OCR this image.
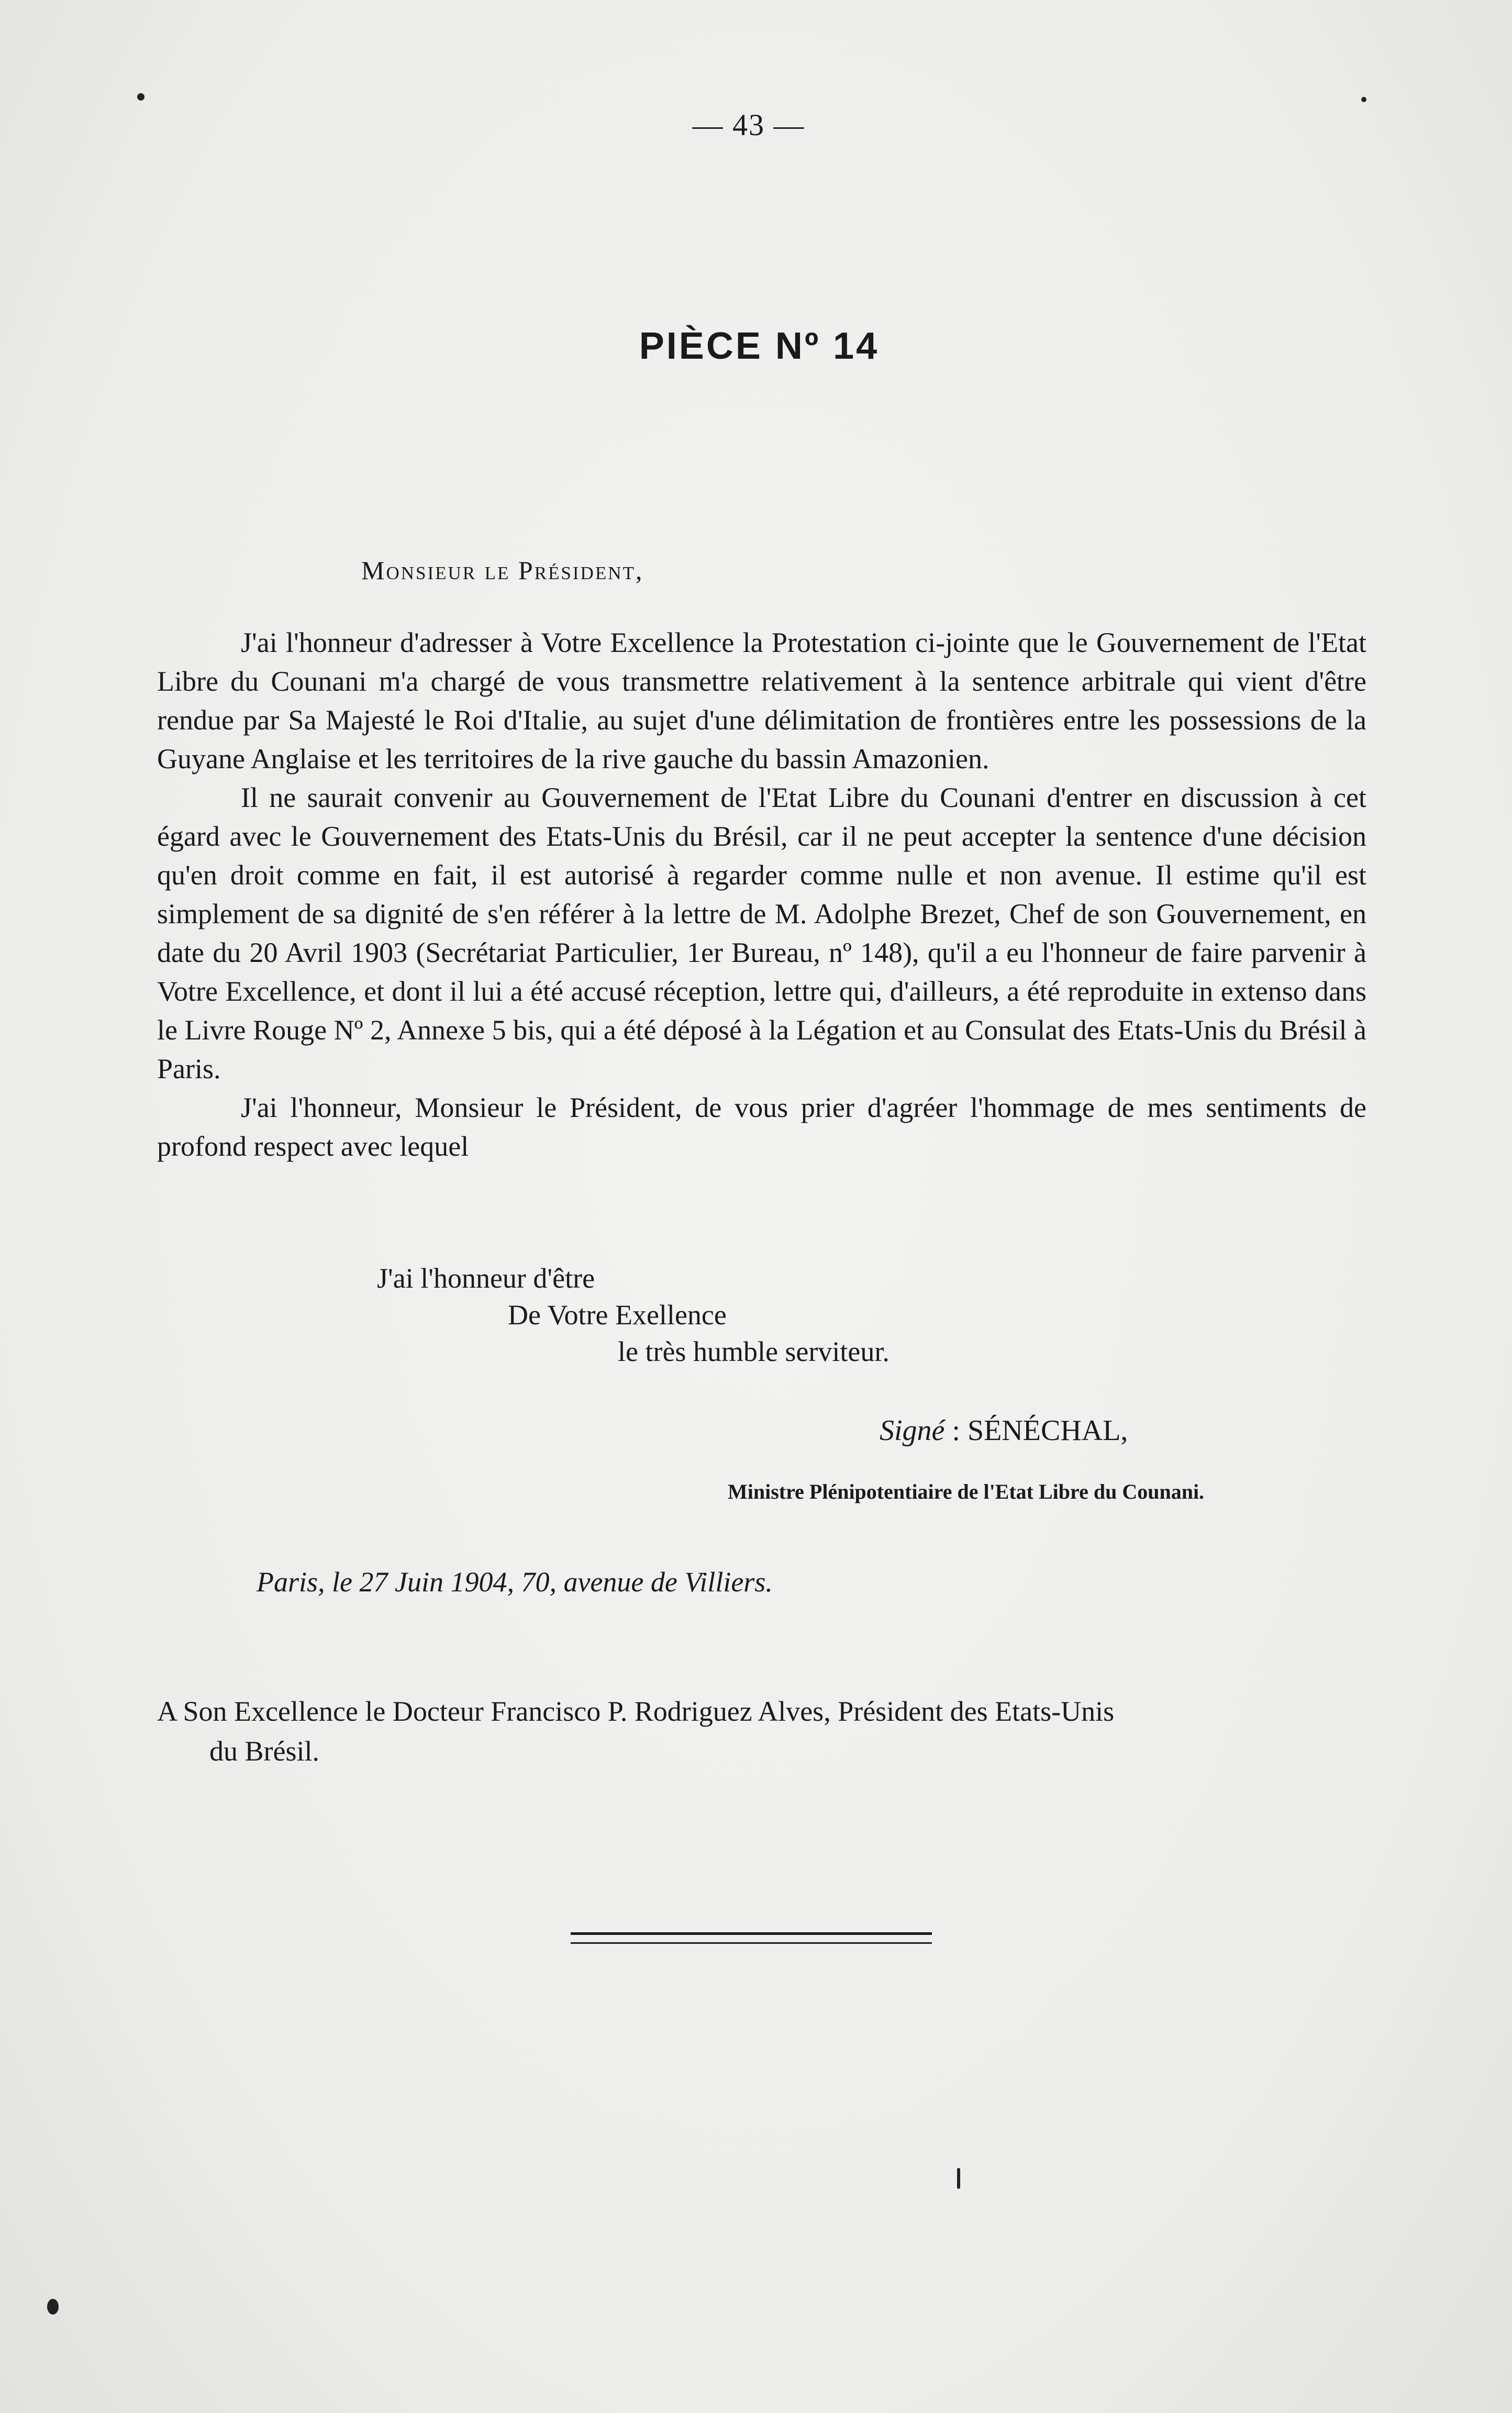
— 43 —
PIÈCE Nº 14
Monsieur le Président,

J'ai l'honneur d'adresser à Votre Excellence la Protestation ci-jointe que le Gouvernement de l'Etat Libre du Counani m'a chargé de vous transmettre relativement à la sentence arbitrale qui vient d'être rendue par Sa Majesté le Roi d'Italie, au sujet d'une délimitation de frontières entre les possessions de la Guyane Anglaise et les territoires de la rive gauche du bassin Amazonien.

Il ne saurait convenir au Gouvernement de l'Etat Libre du Counani d'entrer en discussion à cet égard avec le Gouvernement des Etats-Unis du Brésil, car il ne peut accepter la sentence d'une décision qu'en droit comme en fait, il est autorisé à regarder comme nulle et non avenue. Il estime qu'il est simplement de sa dignité de s'en référer à la lettre de M. Adolphe Brezet, Chef de son Gouvernement, en date du 20 Avril 1903 (Secrétariat Particulier, 1er Bureau, nº 148), qu'il a eu l'honneur de faire parvenir à Votre Excellence, et dont il lui a été accusé réception, lettre qui, d'ailleurs, a été reproduite in extenso dans le Livre Rouge Nº 2, Annexe 5 bis, qui a été déposé à la Légation et au Consulat des Etats-Unis du Brésil à Paris.

J'ai l'honneur, Monsieur le Président, de vous prier d'agréer l'hommage de mes sentiments de profond respect avec lequel

J'ai l'honneur d'être
De Votre Exellence
le très humble serviteur.
Signé : SÉNÉCHAL,
Ministre Plénipotentiaire de l'Etat Libre du Counani.
Paris, le 27 Juin 1904, 70, avenue de Villiers.
A Son Excellence le Docteur Francisco P. Rodriguez Alves, Président des Etats-Unis
du Brésil.
